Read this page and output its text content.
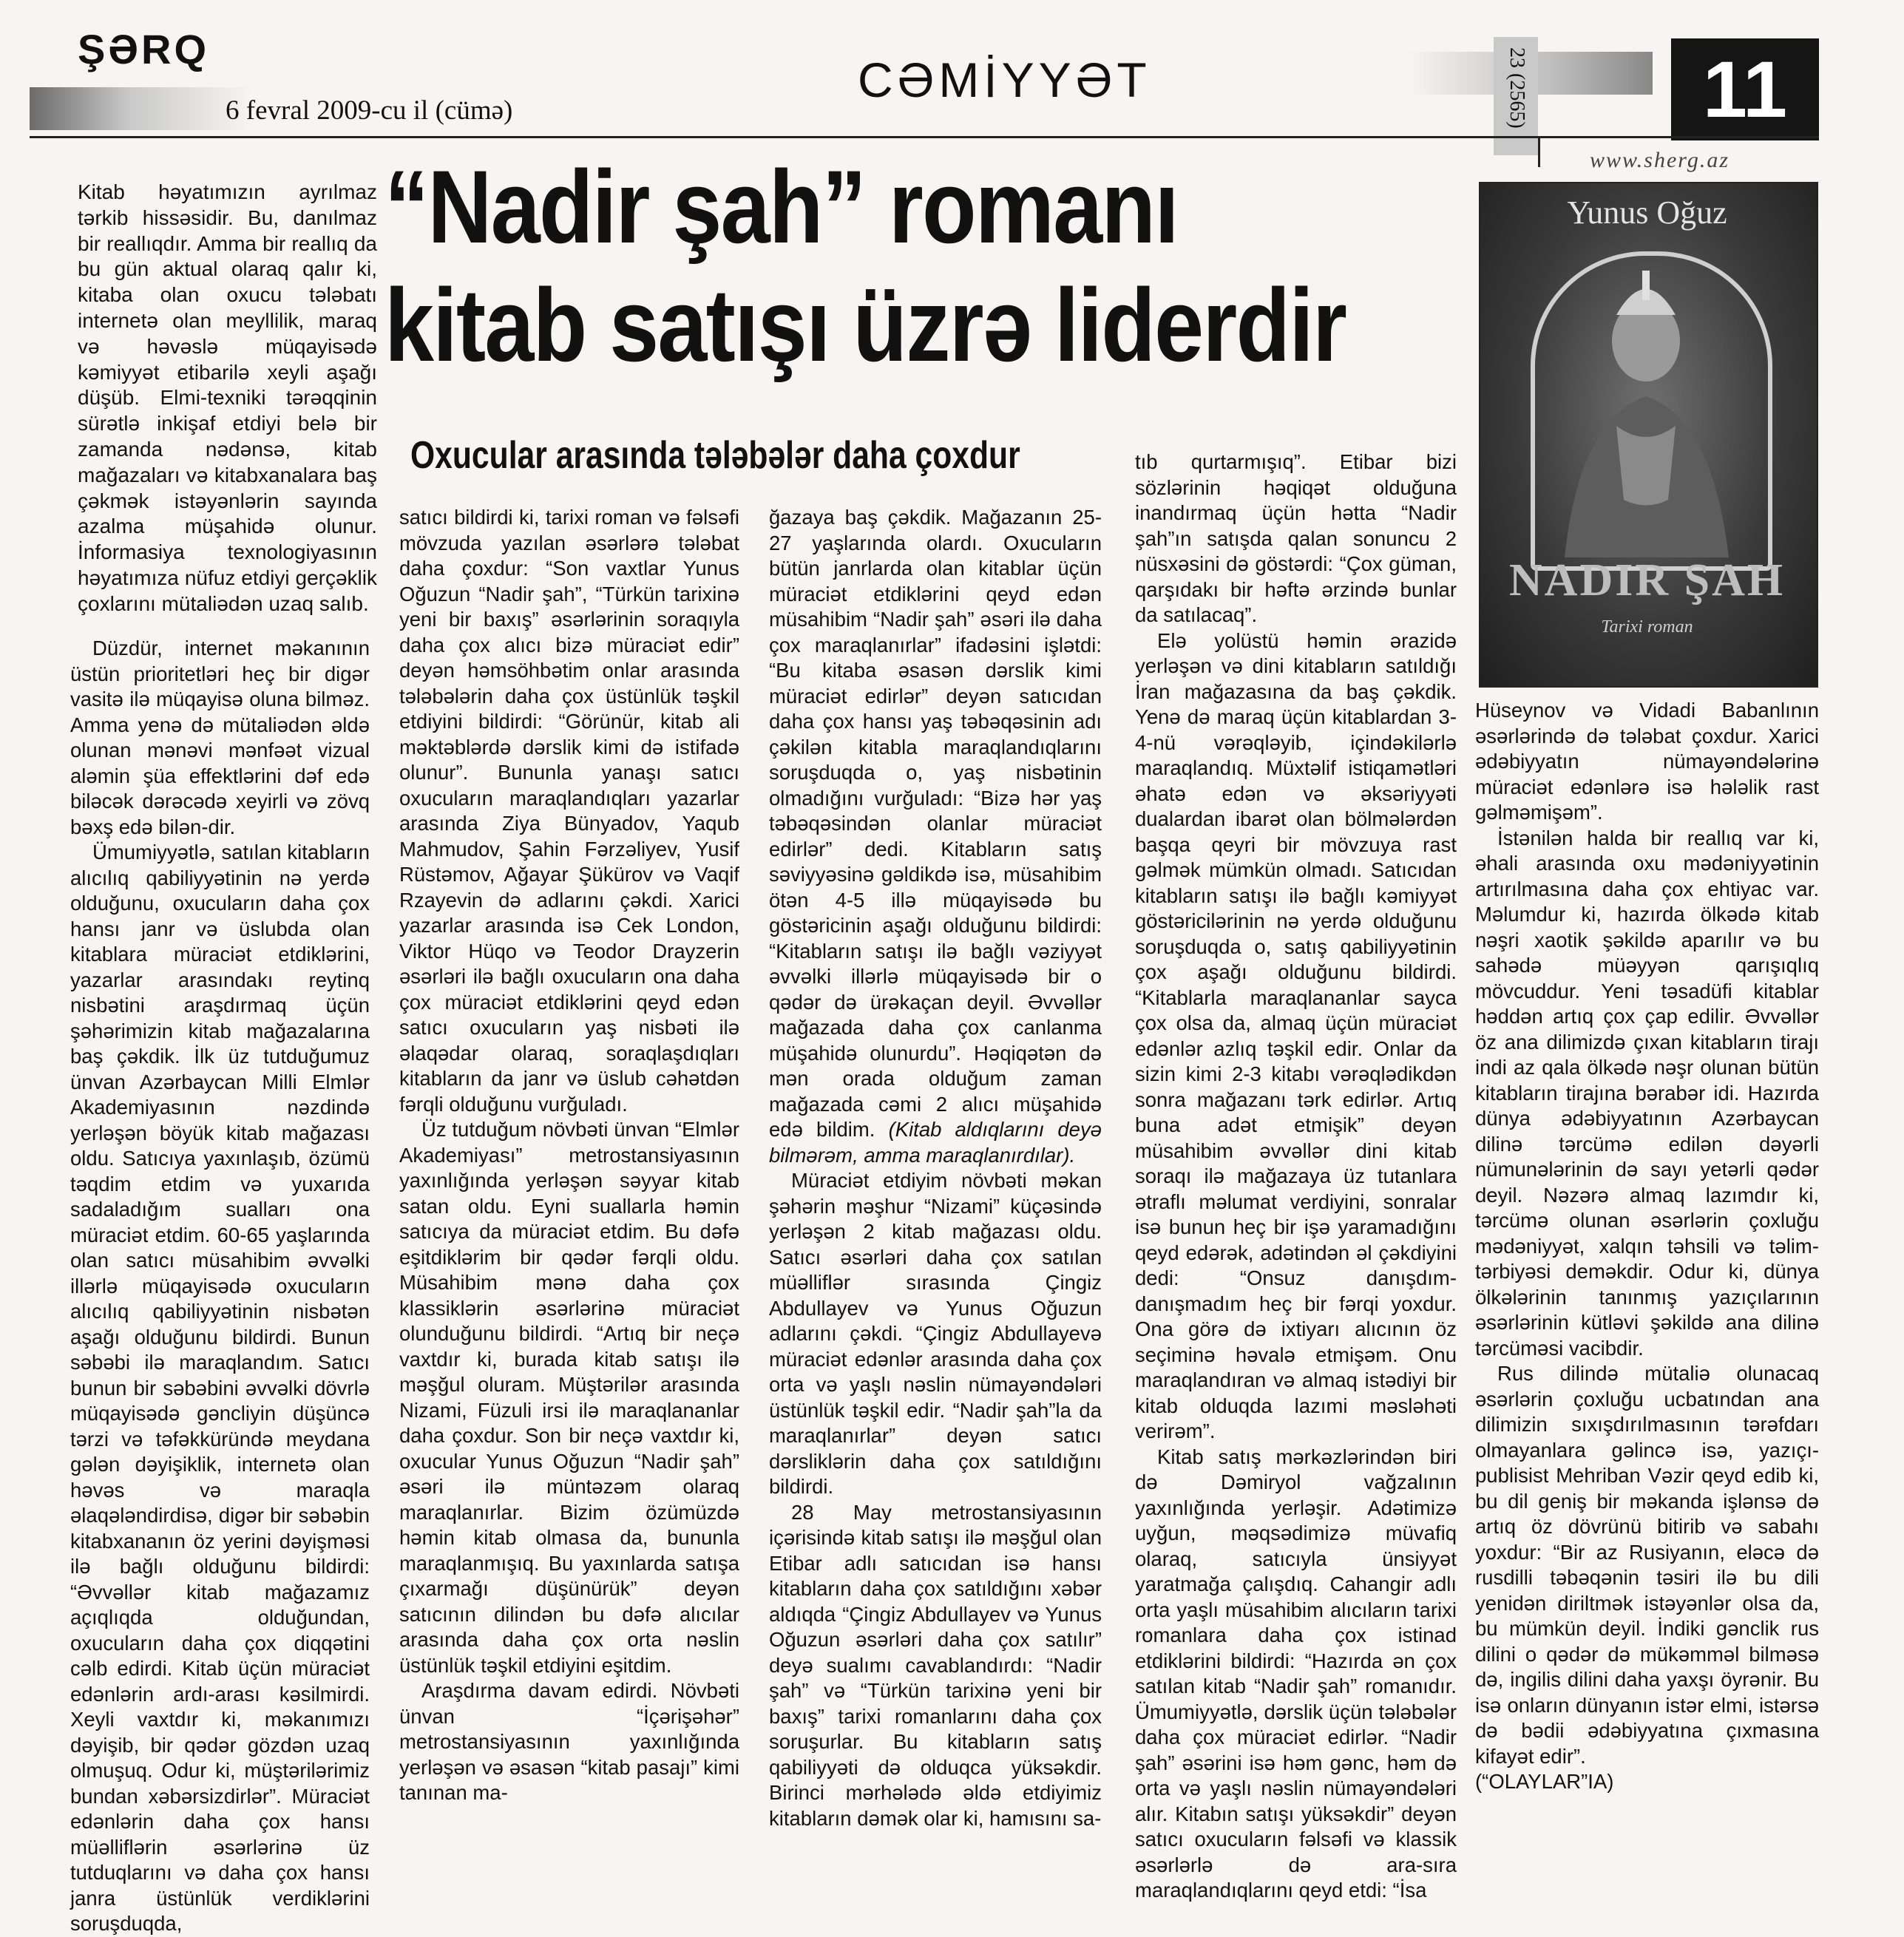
ŞƏRQ
6 fevral 2009-cu il (cümə)
CƏMİYYƏT	23 (2565)	11
www.sherg.az
“Nadir şah” romanı
kitab satışı üzrə liderdir
Oxucular arasında tələbələr daha çoxdur

Kitab həyatımızın ayrılmaz tərkib hissəsidir. Bu, danılmaz bir reallıqdır. Amma bir reallıq da bu gün aktual olaraq qalır ki, kitaba olan oxucu tələbatı internetə olan meyllilik, maraq və həvəslə müqayisədə kəmiyyət etibarilə xeyli aşağı düşüb. Elmi-texniki tərəqqinin sürətlə inkişaf etdiyi belə bir zamanda nədənsə, kitab mağazaları və kitabxanalara baş çəkmək istəyənlərin sayında azalma müşahidə olunur. İnformasiya texnologiyasının həyatımıza nüfuz etdiyi gerçəklik çoxlarını mütaliədən uzaq salıb.

Düzdür, internet məkanının üstün prioritetləri heç bir digər vasitə ilə müqayisə oluna bilməz. Amma yenə də mütaliədən əldə olunan mənəvi mənfəət vizual aləmin şüa effektlərini dəf edə biləcək dərəcədə xeyirli və zövq bəxş edə bilən-dir.

Ümumiyyətlə, satılan kitabların alıcılıq qabiliyyətinin nə yerdə olduğunu, oxucuların daha çox hansı janr və üslubda olan kitablara müraciət etdiklərini, yazarlar arasındakı reytinq nisbətini araşdırmaq üçün şəhərimizin kitab mağazalarına baş çəkdik. İlk üz tutduğumuz ünvan Azərbaycan Milli Elmlər Akademiyasının nəzdində yerləşən böyük kitab mağazası oldu. Satıcıya yaxınlaşıb, özümü təqdim etdim və yuxarıda sadaladığım sualları ona müraciət etdim. 60-65 yaşlarında olan satıcı müsahibim əvvəlki illərlə müqayisədə oxucuların alıcılıq qabiliyyətinin nisbətən aşağı olduğunu bildirdi. Bunun səbəbi ilə maraqlandım. Satıcı bunun bir səbəbini əvvəlki dövrlə müqayisədə gəncliyin düşüncə tərzi və təfəkküründə meydana gələn dəyişiklik, internetə olan həvəs və maraqla əlaqələndirdisə, digər bir səbəbin kitabxananın öz yerini dəyişməsi ilə bağlı olduğunu bildirdi: “Əvvəllər kitab mağazamız açıqlıqda olduğundan, oxucuların daha çox diqqətini cəlb edirdi. Kitab üçün müraciət edənlərin ardı-arası kəsilmirdi. Xeyli vaxtdır ki, məkanımızı dəyişib, bir qədər gözdən uzaq olmuşuq. Odur ki, müştərilərimiz bundan xəbərsizdirlər”. Müraciət edənlərin daha çox hansı müəlliflərin əsərlərinə üz tutduqlarını və daha çox hansı janra üstünlük verdiklərini soruşduqda,

satıcı bildirdi ki, tarixi roman və fəlsəfi mövzuda yazılan əsərlərə tələbat daha çoxdur: “Son vaxtlar Yunus Oğuzun “Nadir şah”, “Türkün tarixinə yeni bir baxış” əsərlərinin soraqıyla daha çox alıcı bizə müraciət edir” deyən həmsöhbətim onlar arasında tələbələrin daha çox üstünlük təşkil etdiyini bildirdi: “Görünür, kitab ali məktəblərdə dərslik kimi də istifadə olunur”. Bununla yanaşı satıcı oxucuların maraqlandıqları yazarlar arasında Ziya Bünyadov, Yaqub Mahmudov, Şahin Fərzəliyev, Yusif Rüstəmov, Ağayar Şükürov və Vaqif Rzayevin də adlarını çəkdi. Xarici yazarlar arasında isə Cek London, Viktor Hüqo və Teodor Drayzerin əsərləri ilə bağlı oxucuların ona daha çox müraciət etdiklərini qeyd edən satıcı oxucuların yaş nisbəti ilə əlaqədar olaraq, soraqlaşdıqları kitabların da janr və üslub cəhətdən fərqli olduğunu vurğuladı.

Üz tutduğum növbəti ünvan “Elmlər Akademiyası” metrostansiyasının yaxınlığında yerləşən səyyar kitab satan oldu. Eyni suallarla həmin satıcıya da müraciət etdim. Bu dəfə eşitdiklərim bir qədər fərqli oldu. Müsahibim mənə daha çox klassiklərin əsərlərinə müraciət olunduğunu bildirdi. “Artıq bir neçə vaxtdır ki, burada kitab satışı ilə məşğul oluram. Müştərilər arasında Nizami, Füzuli irsi ilə maraqlananlar daha çoxdur. Son bir neçə vaxtdır ki, oxucular Yunus Oğuzun “Nadir şah” əsəri ilə müntəzəm olaraq maraqlanırlar. Bizim özümüzdə həmin kitab olmasa da, bununla maraqlanmışıq. Bu yaxınlarda satışa çıxarmağı düşünürük” deyən satıcının dilindən bu dəfə alıcılar arasında daha çox orta nəslin üstünlük təşkil etdiyini eşitdim.

Araşdırma davam edirdi. Növbəti ünvan “İçərişəhər” metrostansiyasının yaxınlığında yerləşən və əsasən “kitab pasajı” kimi tanınan ma-

ğazaya baş çəkdik. Mağazanın 25-27 yaşlarında olardı. Oxucuların bütün janrlarda olan kitablar üçün müraciət etdiklərini qeyd edən müsahibim “Nadir şah” əsəri ilə daha çox maraqlanırlar” ifadəsini işlətdi: “Bu kitaba əsasən dərslik kimi müraciət edirlər” deyən satıcıdan daha çox hansı yaş təbəqəsinin adı çəkilən kitabla maraqlandıqlarını soruşduqda o, yaş nisbətinin olmadığını vurğuladı: “Bizə hər yaş təbəqəsindən olanlar müraciət edirlər” dedi. Kitabların satış səviyyəsinə gəldikdə isə, müsahibim ötən 4-5 illə müqayisədə bu göstəricinin aşağı olduğunu bildirdi: “Kitabların satışı ilə bağlı vəziyyət əvvəlki illərlə müqayisədə bir o qədər də ürəkaçan deyil. Əvvəllər mağazada daha çox canlanma müşahidə olunurdu”. Həqiqətən də mən orada olduğum zaman mağazada cəmi 2 alıcı müşahidə edə bildim. (Kitab aldıqlarını deyə bilmərəm, amma maraqlanırdılar).

Müraciət etdiyim növbəti məkan şəhərin məşhur “Nizami” küçəsində yerləşən 2 kitab mağazası oldu. Satıcı əsərləri daha çox satılan müəlliflər sırasında Çingiz Abdullayev və Yunus Oğuzun adlarını çəkdi. “Çingiz Abdullayevə müraciət edənlər arasında daha çox orta və yaşlı nəslin nümayəndələri üstünlük təşkil edir. “Nadir şah”la da maraqlanırlar” deyən satıcı dərsliklərin daha çox satıldığını bildirdi.

28 May metrostansiyasının içərisində kitab satışı ilə məşğul olan Etibar adlı satıcıdan isə hansı kitabların daha çox satıldığını xəbər aldıqda “Çingiz Abdullayev və Yunus Oğuzun əsərləri daha çox satılır” deyə sualımı cavablandırdı: “Nadir şah” və “Türkün tarixinə yeni bir baxış” tarixi romanlarını daha çox soruşurlar. Bu kitabların satış qabiliyyəti də olduqca yüksəkdir. Birinci mərhələdə əldə etdiyimiz kitabların dəmək olar ki, hamısını sa-

tıb qurtarmışıq”. Etibar bizi sözlərinin həqiqət olduğuna inandırmaq üçün hətta “Nadir şah”ın satışda qalan sonuncu 2 nüsxəsini də göstərdi: “Çox güman, qarşıdakı bir həftə ərzində bunlar da satılacaq”.

Elə yolüstü həmin ərazidə yerləşən və dini kitabların satıldığı İran mağazasına da baş çəkdik. Yenə də maraq üçün kitablardan 3-4-nü vərəqləyib, içindəkilərlə maraqlandıq. Müxtəlif istiqamətləri əhatə edən və əksəriyyəti dualardan ibarət olan bölmələrdən başqa qeyri bir mövzuya rast gəlmək mümkün olmadı. Satıcıdan kitabların satışı ilə bağlı kəmiyyət göstəricilərinin nə yerdə olduğunu soruşduqda o, satış qabiliyyətinin çox aşağı olduğunu bildirdi. “Kitablarla maraqlananlar sayca çox olsa da, almaq üçün müraciət edənlər azlıq təşkil edir. Onlar da sizin kimi 2-3 kitabı vərəqlədikdən sonra mağazanı tərk edirlər. Artıq buna adət etmişik” deyən müsahibim əvvəllər dini kitab soraqı ilə mağazaya üz tutanlara ətraflı məlumat verdiyini, sonralar isə bunun heç bir işə yaramadığını qeyd edərək, adətindən əl çəkdiyini dedi: “Onsuz danışdım-danışmadım heç bir fərqi yoxdur. Ona görə də ixtiyarı alıcının öz seçiminə həvalə etmişəm. Onu maraqlandıran və almaq istədiyi bir kitab olduqda lazımi məsləhəti verirəm”.

Kitab satış mərkəzlərindən biri də Dəmiryol vağzalının yaxınlığında yerləşir. Adətimizə uyğun, məqsədimizə müvafiq olaraq, satıcıyla ünsiyyət yaratmağa çalışdıq. Cahangir adlı orta yaşlı müsahibim alıcıların tarixi romanlara daha çox istinad etdiklərini bildirdi: “Hazırda ən çox satılan kitab “Nadir şah” romanıdır. Ümumiyyətlə, dərslik üçün tələbələr daha çox müraciət edirlər. “Nadir şah” əsərini isə həm gənc, həm də orta və yaşlı nəslin nümayəndələri alır. Kitabın satışı yüksəkdir” deyən satıcı oxucuların fəlsəfi və klassik əsərlərlə də ara-sıra maraqlandıqlarını qeyd etdi: “İsa

Yunus Oğuz
NADIR ŞAH
Tarixi roman

Hüseynov və Vidadi Babanlının əsərlərində də tələbat çoxdur. Xarici ədəbiyyatın nümayəndələrinə müraciət edənlərə isə hələlik rast gəlməmişəm”.

İstənilən halda bir reallıq var ki, əhali arasında oxu mədəniyyətinin artırılmasına daha çox ehtiyac var. Məlumdur ki, hazırda ölkədə kitab nəşri xaotik şəkildə aparılır və bu sahədə müəyyən qarışıqlıq mövcuddur. Yeni təsadüfi kitablar həddən artıq çox çap edilir. Əvvəllər öz ana dilimizdə çıxan kitabların tirajı indi az qala ölkədə nəşr olunan bütün kitabların tirajına bərabər idi. Hazırda dünya ədəbiyyatının Azərbaycan dilinə tərcümə edilən dəyərli nümunələrinin də sayı yetərli qədər deyil. Nəzərə almaq lazımdır ki, tərcümə olunan əsərlərin çoxluğu mədəniyyət, xalqın təhsili və təlim-tərbiyəsi deməkdir. Odur ki, dünya ölkələrinin tanınmış yazıçılarının əsərlərinin kütləvi şəkildə ana dilinə tərcüməsi vacibdir.

Rus dilində mütaliə olunacaq əsərlərin çoxluğu ucbatından ana dilimizin sıxışdırılmasının tərəfdarı olmayanlara gəlincə isə, yazıçı-publisist Mehriban Vəzir qeyd edib ki, bu dil geniş bir məkanda işlənsə də artıq öz dövrünü bitirib və sabahı yoxdur: “Bir az Rusiyanın, eləcə də rusdilli təbəqənin təsiri ilə bu dili yenidən diriltmək istəyənlər olsa da, bu mümkün deyil. İndiki gənclik rus dilini o qədər də mükəmməl bilməsə də, ingilis dilini daha yaxşı öyrənir. Bu isə onların dünyanın istər elmi, istərsə də bədii ədəbiyyatına çıxmasına kifayət edir”.

(“OLAYLAR”IA)
